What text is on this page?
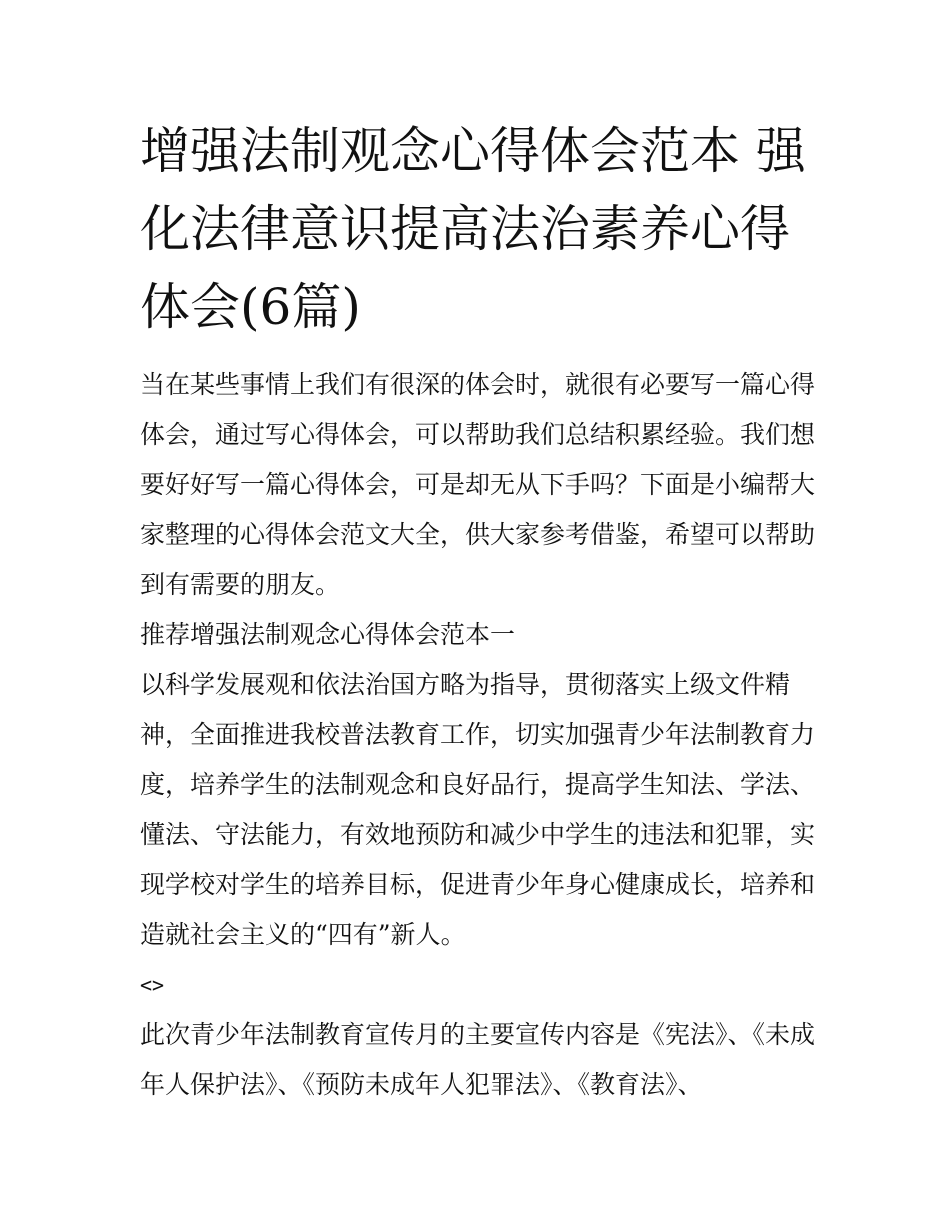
增强法制观念心得体会范本 强化法律意识提高法治素养心得体会(6篇)

当在某些事情上我们有很深的体会时，就很有必要写一篇心得体会，通过写心得体会，可以帮助我们总结积累经验。我们想要好好写一篇心得体会，可是却无从下手吗？下面是小编帮大家整理的心得体会范文大全，供大家参考借鉴，希望可以帮助到有需要的朋友。

推荐增强法制观念心得体会范本一

以科学发展观和依法治国方略为指导，贯彻落实上级文件精神，全面推进我校普法教育工作，切实加强青少年法制教育力度，培养学生的法制观念和良好品行，提高学生知法、学法、懂法、守法能力，有效地预防和减少中学生的违法和犯罪，实现学校对学生的培养目标，促进青少年身心健康成长，培养和造就社会主义的“四有”新人。

<>

此次青少年法制教育宣传月的主要宣传内容是《宪法》、《未成年人保护法》、《预防未成年人犯罪法》、《教育法》、
